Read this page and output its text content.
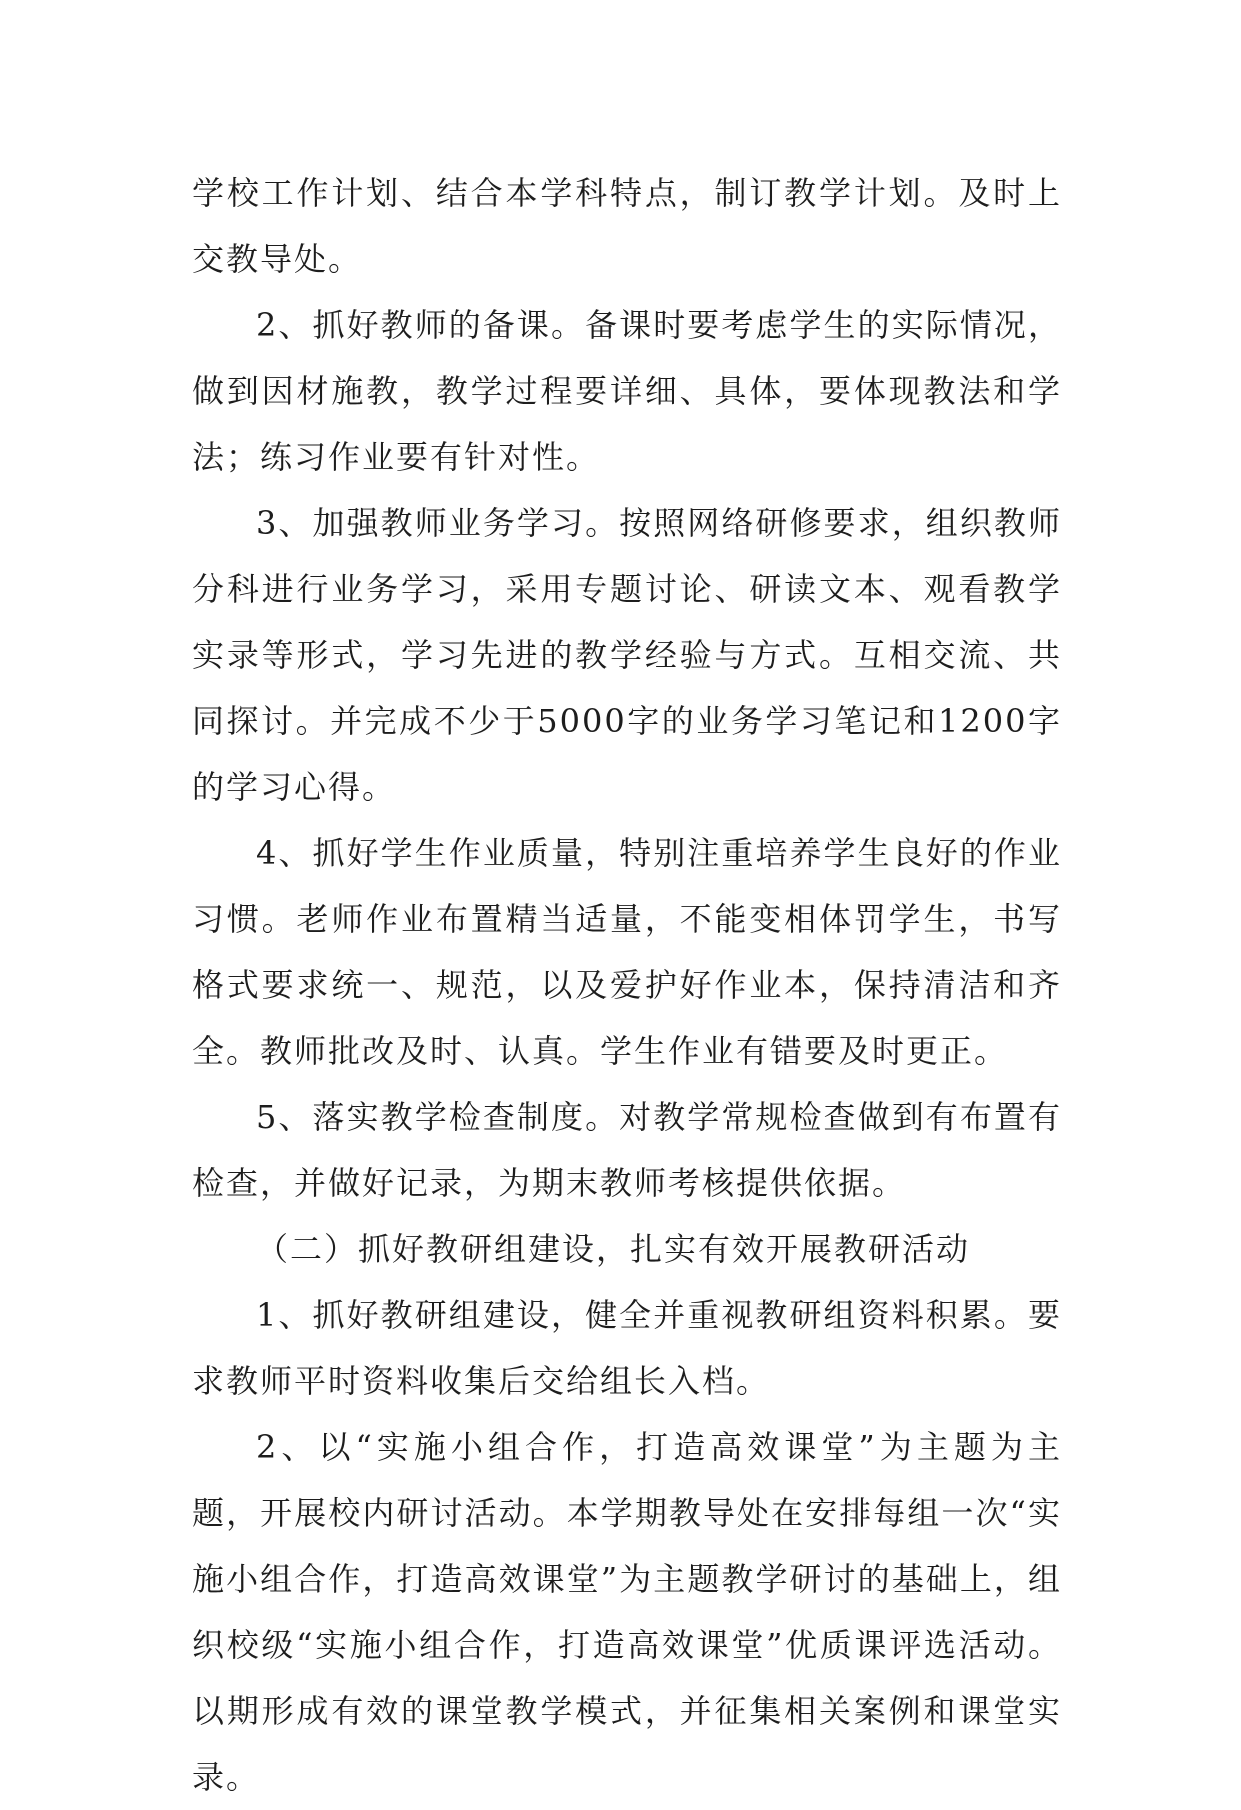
学校工作计划、结合本学科特点，制订教学计划。及时上交教导处。

2、抓好教师的备课。备课时要考虑学生的实际情况，做到因材施教，教学过程要详细、具体，要体现教法和学法；练习作业要有针对性。

3、加强教师业务学习。按照网络研修要求，组织教师分科进行业务学习，采用专题讨论、研读文本、观看教学实录等形式，学习先进的教学经验与方式。互相交流、共同探讨。并完成不少于5000字的业务学习笔记和1200字的学习心得。

4、抓好学生作业质量，特别注重培养学生良好的作业习惯。老师作业布置精当适量，不能变相体罚学生，书写格式要求统一、规范，以及爱护好作业本，保持清洁和齐全。教师批改及时、认真。学生作业有错要及时更正。

5、落实教学检查制度。对教学常规检查做到有布置有检查，并做好记录，为期末教师考核提供依据。

（二）抓好教研组建设，扎实有效开展教研活动

1、抓好教研组建设，健全并重视教研组资料积累。要求教师平时资料收集后交给组长入档。

2、以“实施小组合作，打造高效课堂”为主题为主题，开展校内研讨活动。本学期教导处在安排每组一次“实施小组合作，打造高效课堂”为主题教学研讨的基础上，组织校级“实施小组合作，打造高效课堂”优质课评选活动。以期形成有效的课堂教学模式，并征集相关案例和课堂实录。
